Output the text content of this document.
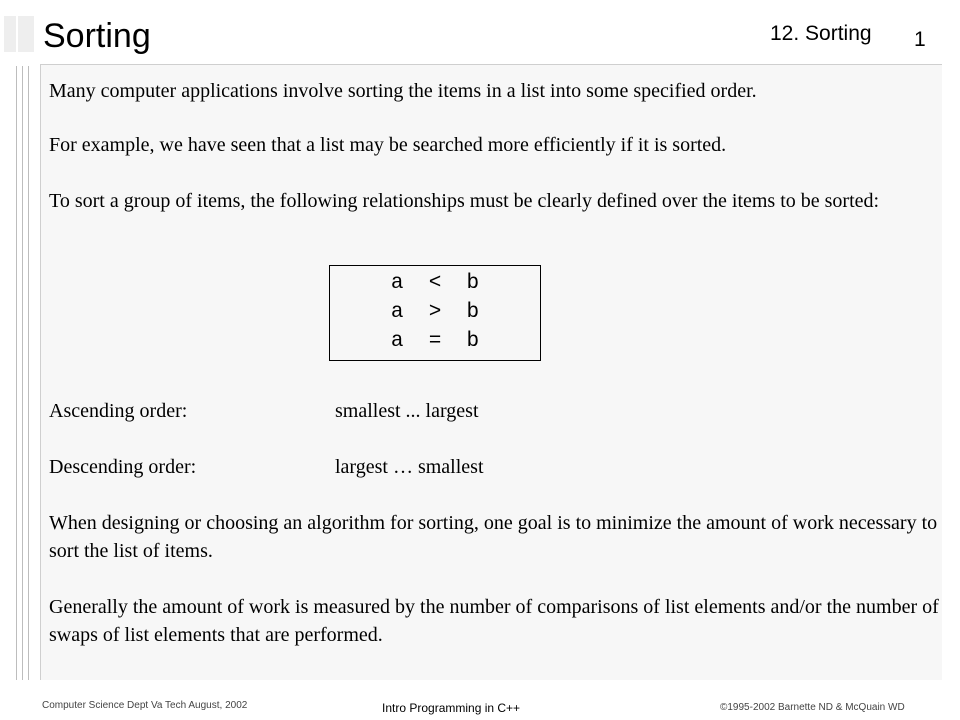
Sorting	12. Sorting 1

Many computer applications involve sorting the items in a list into some specified order.

For example, we have seen that a list may be searched more efficiently if it is sorted.

To sort a group of items, the following relationships must be clearly defined over the items to be sorted:

a  <  b
a  >  b
a  =  b
Ascending order:	smallest ... largest
Descending order:	largest … smallest

When designing or choosing an algorithm for sorting, one goal is to minimize the amount of work necessary to sort the list of items.

Generally the amount of work is measured by the number of comparisons of list elements and/or the number of swaps of list elements that are performed.

Computer Science Dept Va Tech August, 2002	Intro Programming in C++	©1995-2002 Barnette ND & McQuain WD
